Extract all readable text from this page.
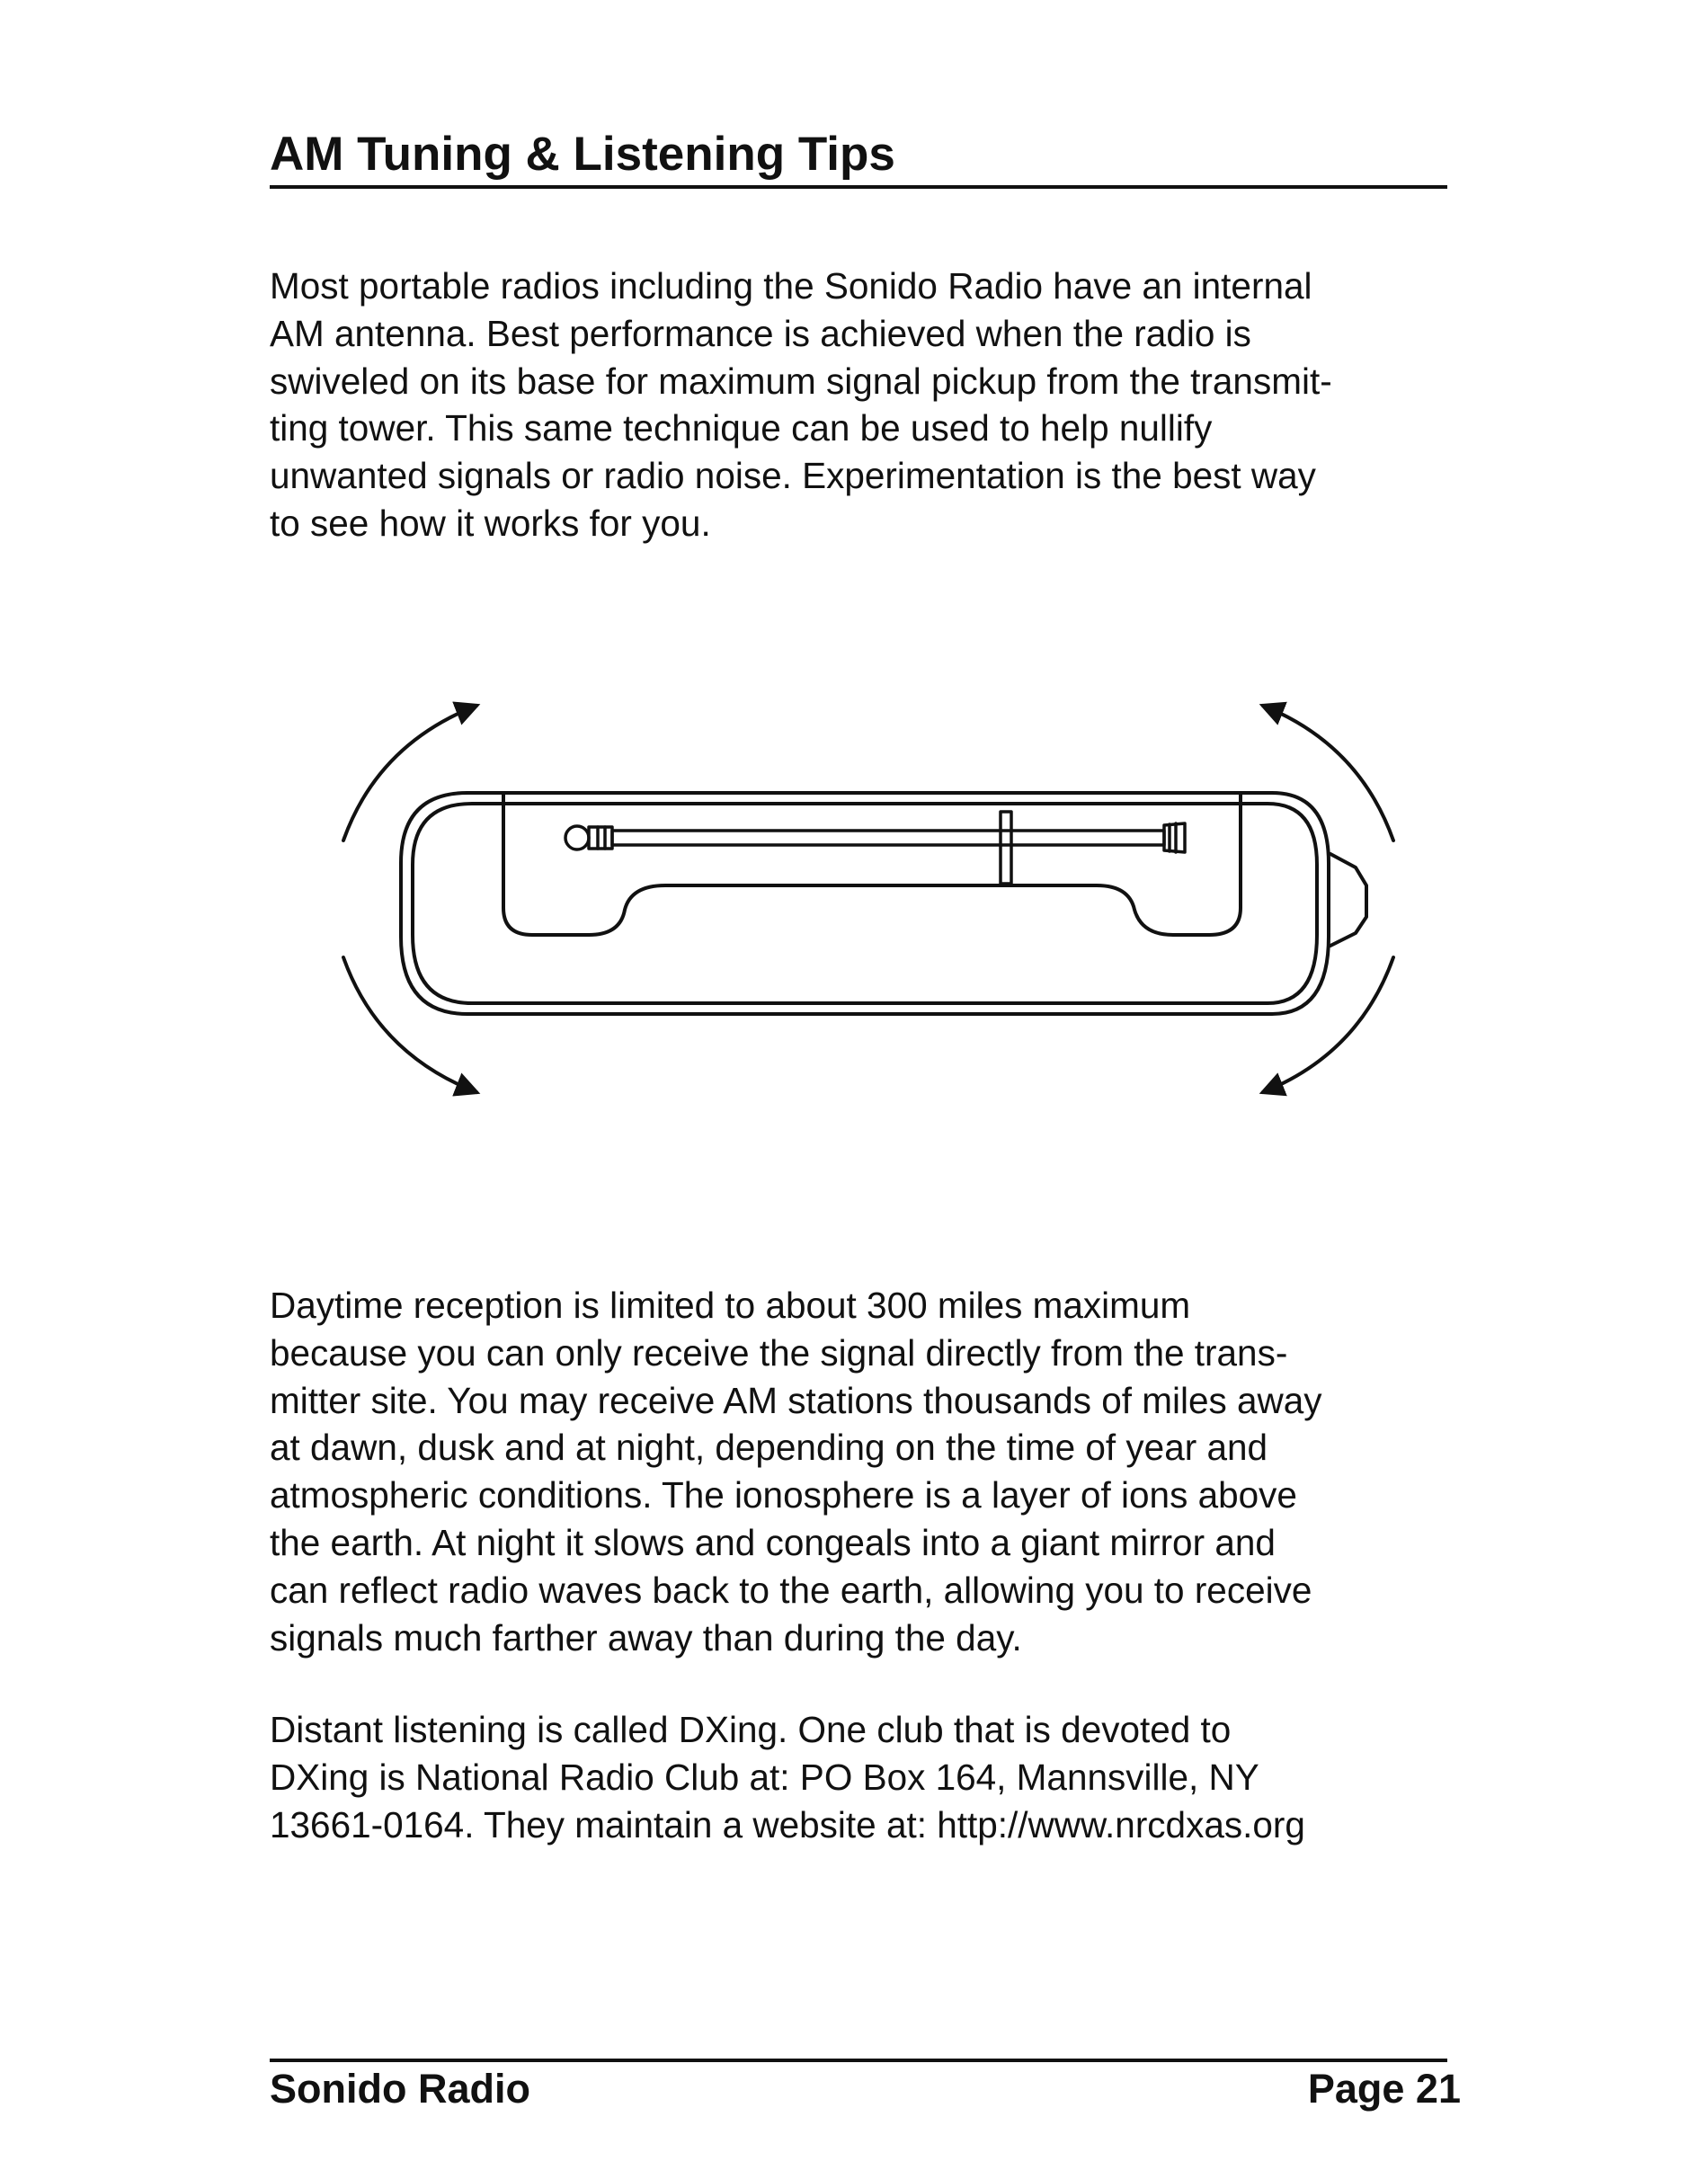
AM Tuning & Listening Tips

Most portable radios including the Sonido Radio have an internal
AM antenna. Best performance is achieved when the radio is
swiveled on its base for maximum signal pickup from the transmit-
ting tower. This same technique can be used to help nullify
unwanted signals or radio noise. Experimentation is the best way
to see how it works for you.

Daytime reception is limited to about 300 miles maximum
because you can only receive the signal directly from the trans-
mitter site. You may receive AM stations thousands of miles away
at dawn, dusk and at night, depending on the time of year and
atmospheric conditions. The ionosphere is a layer of ions above
the earth. At night it slows and congeals into a giant mirror and
can reflect radio waves back to the earth, allowing you to receive
signals much farther away than during the day.

Distant listening is called DXing. One club that is devoted to
DXing is National Radio Club at: PO Box 164, Mannsville, NY
13661-0164. They maintain a website at: http://www.nrcdxas.org

Sonido Radio	Page 21
